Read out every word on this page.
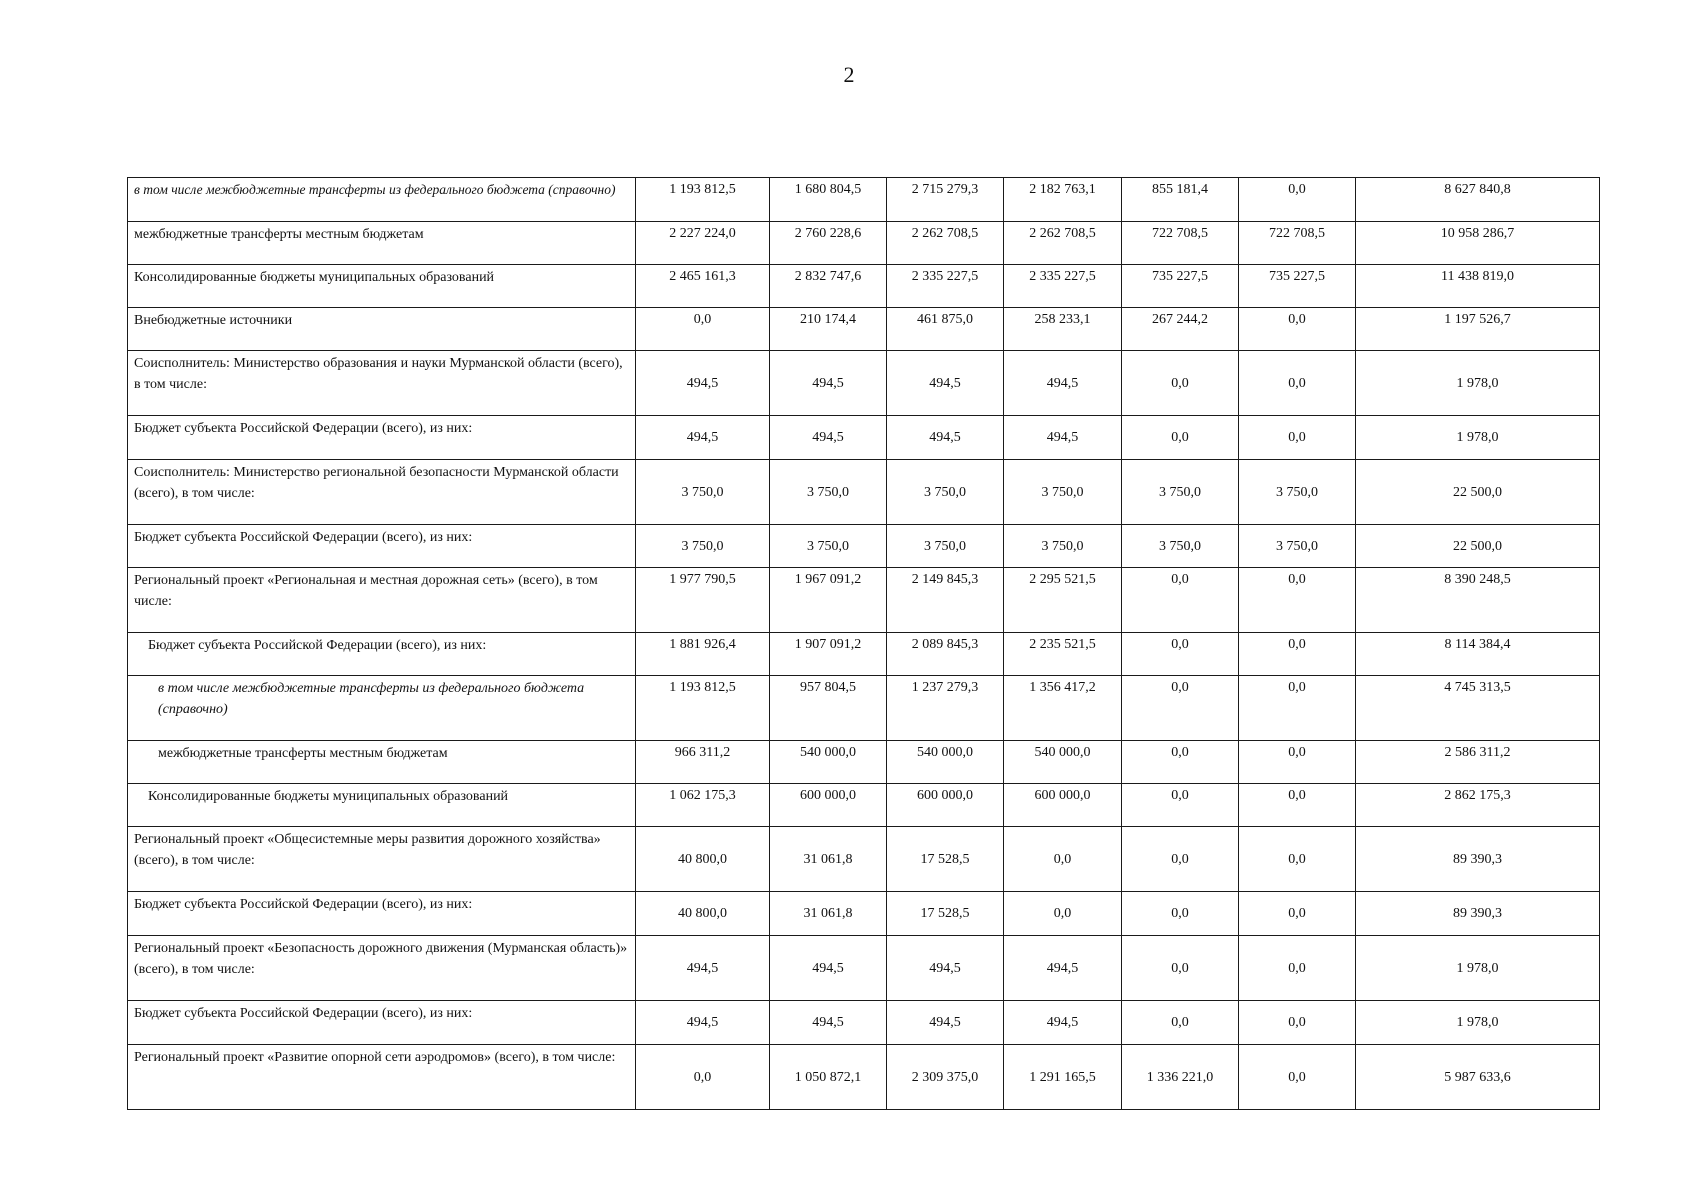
2
в том числе межбюджетные трансферты из федерального бюджета (справочно)	1 193 812,5	1 680 804,5	2 715 279,3	2 182 763,1	855 181,4	0,0	8 627 840,8
межбюджетные трансферты местным бюджетам	2 227 224,0	2 760 228,6	2 262 708,5	2 262 708,5	722 708,5	722 708,5	10 958 286,7
Консолидированные бюджеты муниципальных образований	2 465 161,3	2 832 747,6	2 335 227,5	2 335 227,5	735 227,5	735 227,5	11 438 819,0
Внебюджетные источники	0,0	210 174,4	461 875,0	258 233,1	267 244,2	0,0	1 197 526,7
Соисполнитель: Министерство образования и науки Мурманской области (всего), в том числе:	494,5	494,5	494,5	494,5	0,0	0,0	1 978,0
Бюджет субъекта Российской Федерации (всего), из них:	494,5	494,5	494,5	494,5	0,0	0,0	1 978,0
Соисполнитель: Министерство региональной безопасности Мурманской области (всего), в том числе:	3 750,0	3 750,0	3 750,0	3 750,0	3 750,0	3 750,0	22 500,0
Бюджет субъекта Российской Федерации (всего), из них:	3 750,0	3 750,0	3 750,0	3 750,0	3 750,0	3 750,0	22 500,0
Региональный проект «Региональная и местная дорожная сеть» (всего), в том числе:	1 977 790,5	1 967 091,2	2 149 845,3	2 295 521,5	0,0	0,0	8 390 248,5
Бюджет субъекта Российской Федерации (всего), из них:	1 881 926,4	1 907 091,2	2 089 845,3	2 235 521,5	0,0	0,0	8 114 384,4
в том числе межбюджетные трансферты из федерального бюджета (справочно)	1 193 812,5	957 804,5	1 237 279,3	1 356 417,2	0,0	0,0	4 745 313,5
межбюджетные трансферты местным бюджетам	966 311,2	540 000,0	540 000,0	540 000,0	0,0	0,0	2 586 311,2
Консолидированные бюджеты муниципальных образований	1 062 175,3	600 000,0	600 000,0	600 000,0	0,0	0,0	2 862 175,3
Региональный проект «Общесистемные меры развития дорожного хозяйства» (всего), в том числе:	40 800,0	31 061,8	17 528,5	0,0	0,0	0,0	89 390,3
Бюджет субъекта Российской Федерации (всего), из них:	40 800,0	31 061,8	17 528,5	0,0	0,0	0,0	89 390,3
Региональный проект «Безопасность дорожного движения (Мурманская область)» (всего), в том числе:	494,5	494,5	494,5	494,5	0,0	0,0	1 978,0
Бюджет субъекта Российской Федерации (всего), из них:	494,5	494,5	494,5	494,5	0,0	0,0	1 978,0
Региональный проект «Развитие опорной сети аэродромов» (всего), в том числе:	0,0	1 050 872,1	2 309 375,0	1 291 165,5	1 336 221,0	0,0	5 987 633,6
